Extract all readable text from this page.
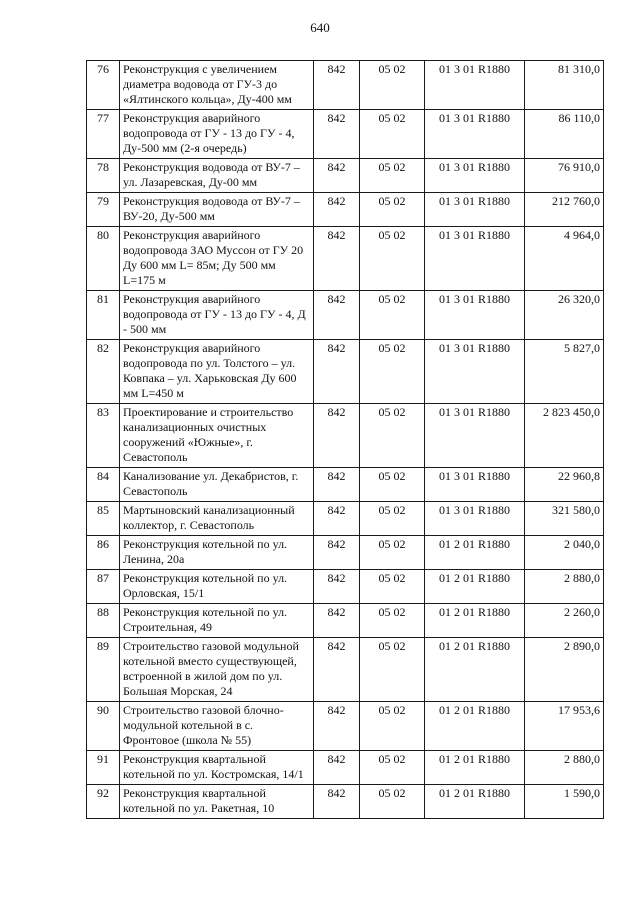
640
76	Реконструкция с увеличением диаметра водовода от ГУ-3 до «Ялтинского кольца», Ду-400 мм	842	05 02	01 3 01 R1880	81 310,0
77	Реконструкция аварийного водопровода от ГУ - 13 до ГУ - 4, Ду-500 мм (2-я очередь)	842	05 02	01 3 01 R1880	86 110,0
78	Реконструкция водовода от ВУ-7 – ул. Лазаревская, Ду-00 мм	842	05 02	01 3 01 R1880	76 910,0
79	Реконструкция водовода от ВУ-7 – ВУ-20, Ду-500 мм	842	05 02	01 3 01 R1880	212 760,0
80	Реконструкция аварийного водопровода ЗАО Муссон от ГУ 20 Ду 600 мм L= 85м; Ду 500 мм L=175 м	842	05 02	01 3 01 R1880	4 964,0
81	Реконструкция аварийного водопровода от ГУ - 13 до ГУ - 4, Д - 500 мм	842	05 02	01 3 01 R1880	26 320,0
82	Реконструкция аварийного водопровода по ул. Толстого – ул. Ковпака – ул. Харьковская Ду 600 мм L=450 м	842	05 02	01 3 01 R1880	5 827,0
83	Проектирование и строительство канализационных очистных сооружений «Южные», г. Севастополь	842	05 02	01 3 01 R1880	2 823 450,0
84	Канализование ул. Декабристов, г. Севастополь	842	05 02	01 3 01 R1880	22 960,8
85	Мартыновский канализационный коллектор, г. Севастополь	842	05 02	01 3 01 R1880	321 580,0
86	Реконструкция котельной по ул. Ленина, 20а	842	05 02	01 2 01 R1880	2 040,0
87	Реконструкция котельной по ул. Орловская, 15/1	842	05 02	01 2 01 R1880	2 880,0
88	Реконструкция котельной по ул. Строительная, 49	842	05 02	01 2 01 R1880	2 260,0
89	Строительство газовой модульной котельной вместо существующей, встроенной в жилой дом по ул. Большая Морская, 24	842	05 02	01 2 01 R1880	2 890,0
90	Строительство газовой блочно-модульной котельной в с. Фронтовое (школа № 55)	842	05 02	01 2 01 R1880	17 953,6
91	Реконструкция квартальной котельной по ул. Костромская, 14/1	842	05 02	01 2 01 R1880	2 880,0
92	Реконструкция квартальной котельной по ул. Ракетная, 10	842	05 02	01 2 01 R1880	1 590,0
